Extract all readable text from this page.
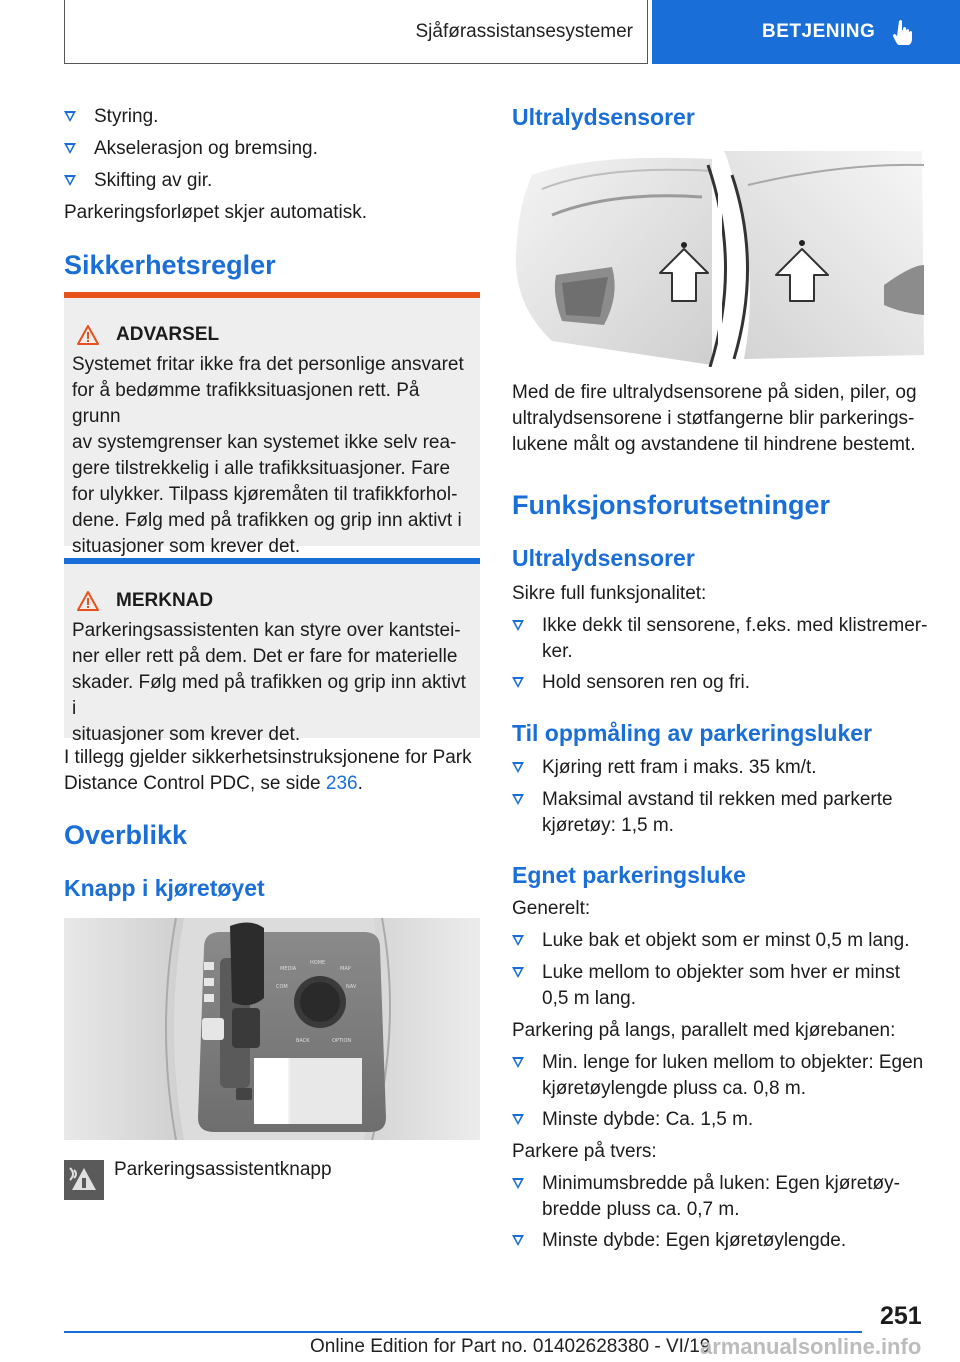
Sjåførassistansesystemer	BETJENING
Styring.
Akselerasjon og bremsing.
Skifting av gir.
Parkeringsforløpet skjer automatisk.
Sikkerhetsregler
ADVARSEL
Systemet fritar ikke fra det personlige ansvaret
for å bedømme trafikksituasjonen rett. På grunn
av systemgrenser kan systemet ikke selv rea-
gere tilstrekkelig i alle trafikksituasjoner. Fare
for ulykker. Tilpass kjøremåten til trafikkforhol-
dene. Følg med på trafikken og grip inn aktivt i
situasjoner som krever det.
MERKNAD
Parkeringsassistenten kan styre over kantstei-
ner eller rett på dem. Det er fare for materielle
skader. Følg med på trafikken og grip inn aktivt i
situasjoner som krever det.
I tillegg gjelder sikkerhetsinstruksjonene for Park
Distance Control PDC, se side 236.
Overblikk
Knapp i kjøretøyet
MEDIA
HOME
MAP
COM	NAV
BACK	OPTION
Parkeringsassistentknapp
Ultralydsensorer
Med de fire ultralydsensorene på siden, piler, og
ultralydsensorene i støtfangerne blir parkerings-
lukene målt og avstandene til hindrene bestemt.
Funksjonsforutsetninger
Ultralydsensorer
Sikre full funksjonalitet:
Ikke dekk til sensorene, f.eks. med klistremer-
ker.
Hold sensoren ren og fri.
Til oppmåling av parkeringsluker
Kjøring rett fram i maks. 35 km/t.
Maksimal avstand til rekken med parkerte
kjøretøy: 1,5 m.
Egnet parkeringsluke
Generelt:
Luke bak et objekt som er minst 0,5 m lang.
Luke mellom to objekter som hver er minst
0,5 m lang.
Parkering på langs, parallelt med kjørebanen:
Min. lenge for luken mellom to objekter: Egen
kjøretøylengde pluss ca. 0,8 m.
Minste dybde: Ca. 1,5 m.
Parkere på tvers:
Minimumsbredde på luken: Egen kjøretøy-
bredde pluss ca. 0,7 m.
Minste dybde: Egen kjøretøylengde.
251
Online Edition for Part no. 01402628380 - VI/19
armanualsonline.info
